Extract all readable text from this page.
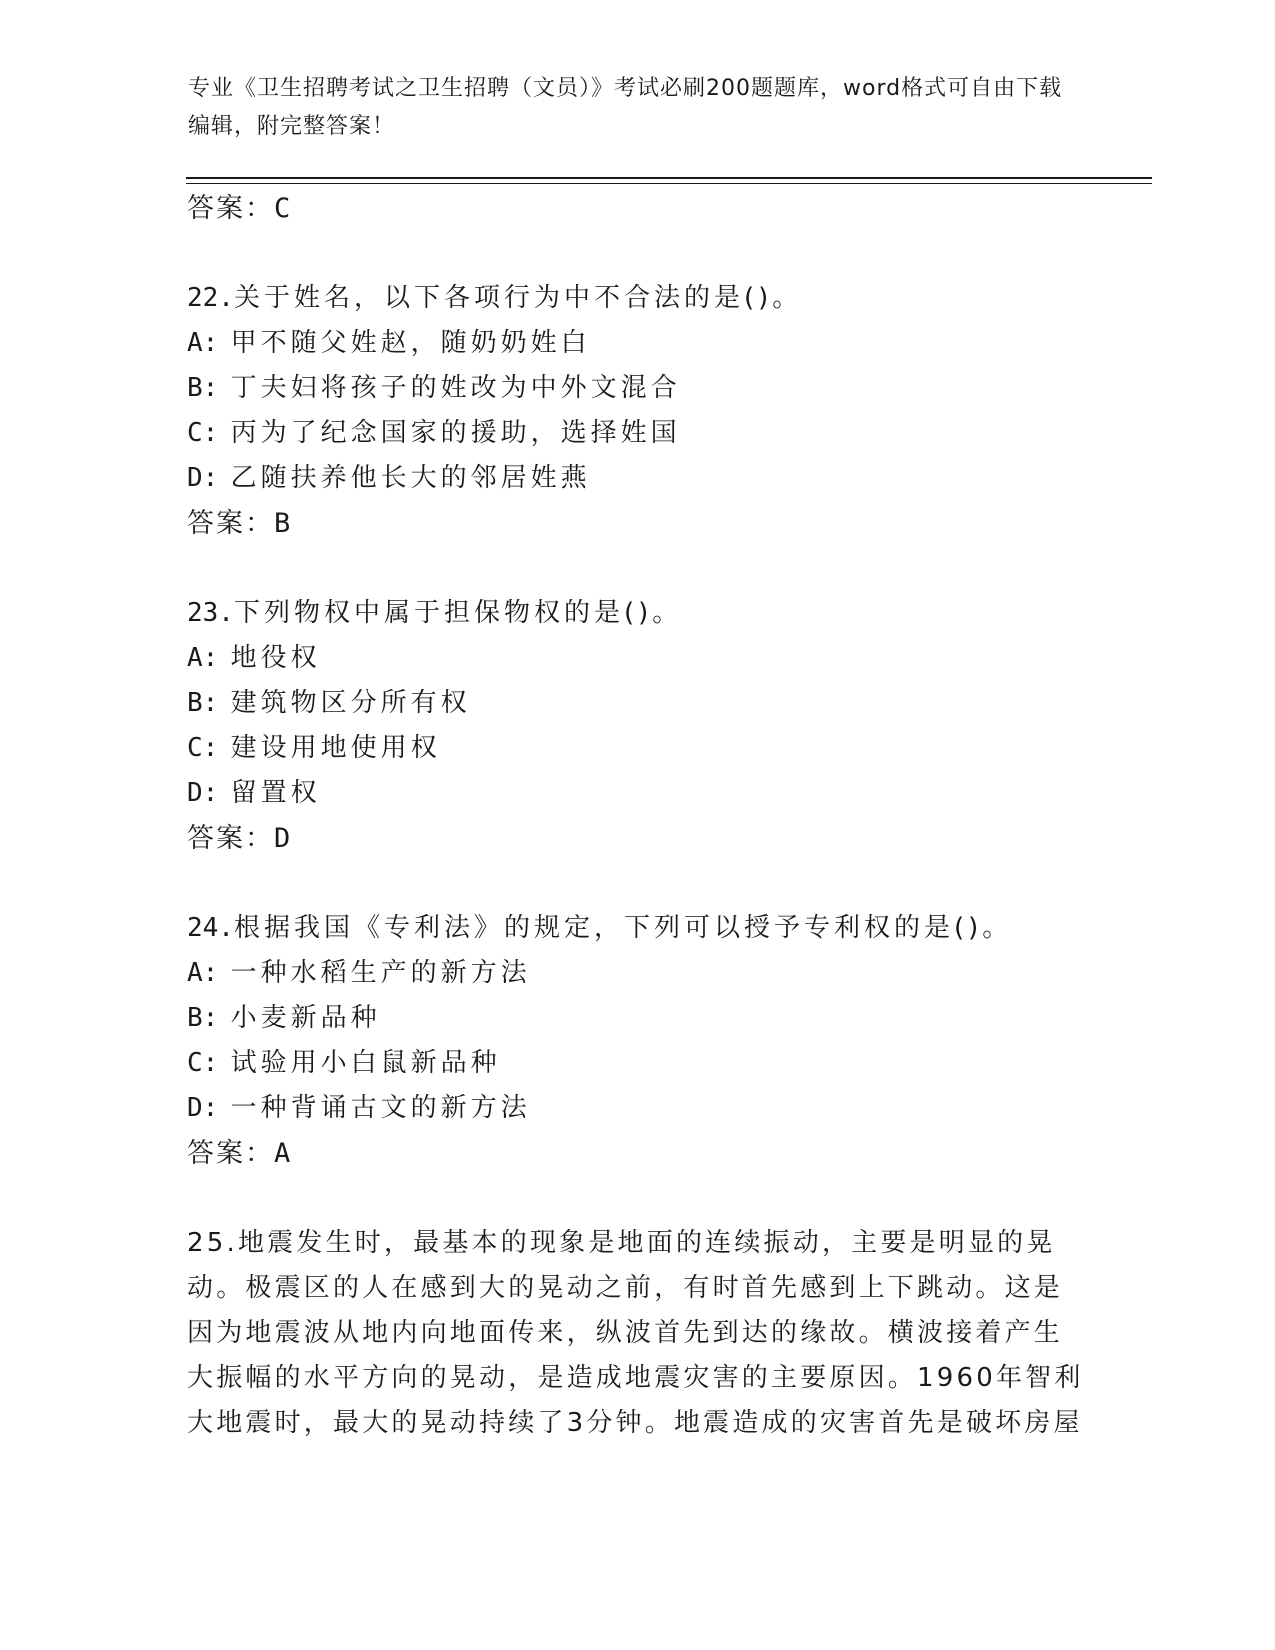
专业《卫生招聘考试之卫生招聘（文员）》考试必刷200题题库，word格式可自由下载编辑，附完整答案！
答案：C
22.关于姓名，以下各项行为中不合法的是()。
A: 甲不随父姓赵，随奶奶姓白
B: 丁夫妇将孩子的姓改为中外文混合
C: 丙为了纪念国家的援助，选择姓国
D: 乙随扶养他长大的邻居姓燕
答案：B
23.下列物权中属于担保物权的是()。
A: 地役权
B: 建筑物区分所有权
C: 建设用地使用权
D: 留置权
答案：D
24.根据我国《专利法》的规定，下列可以授予专利权的是()。
A: 一种水稻生产的新方法
B: 小麦新品种
C: 试验用小白鼠新品种
D: 一种背诵古文的新方法
答案：A
25.地震发生时，最基本的现象是地面的连续振动，主要是明显的晃动。极震区的人在感到大的晃动之前，有时首先感到上下跳动。这是因为地震波从地内向地面传来，纵波首先到达的缘故。横波接着产生大振幅的水平方向的晃动，是造成地震灾害的主要原因。1960年智利大地震时，最大的晃动持续了3分钟。地震造成的灾害首先是破坏房屋
